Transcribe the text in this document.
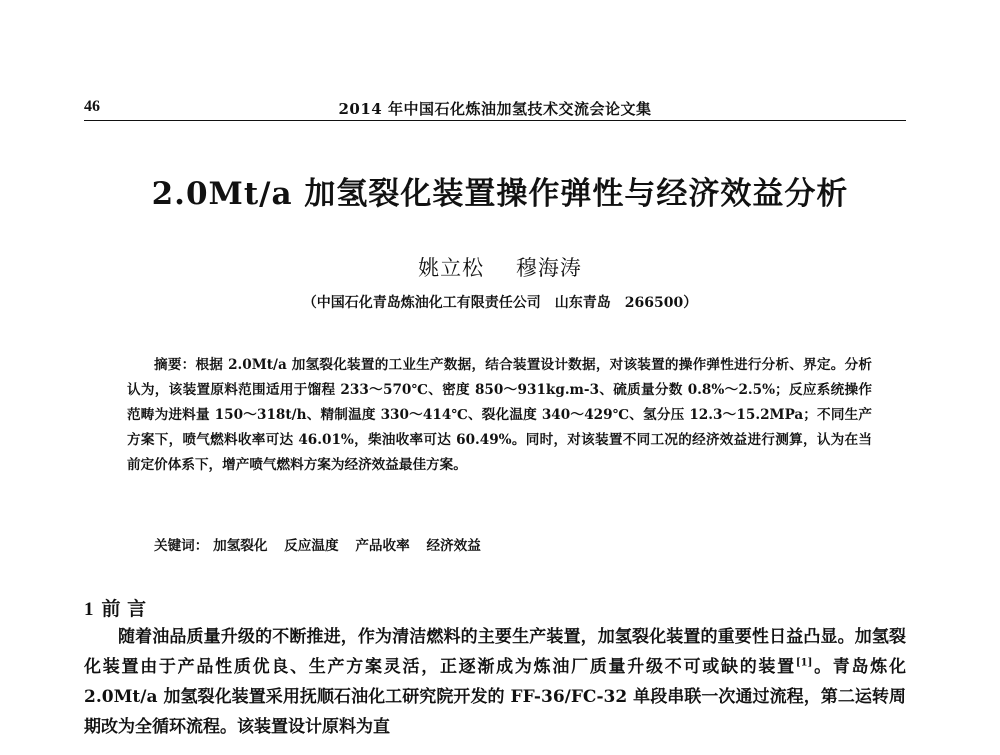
46	2014 年中国石化炼油加氢技术交流会论文集
2.0Mt/a 加氢裂化装置操作弹性与经济效益分析
姚立松 穆海涛
（中国石化青岛炼油化工有限责任公司　山东青岛　266500）

摘要：根据 2.0Mt/a 加氢裂化装置的工业生产数据，结合装置设计数据，对该装置的操作弹性进行分析、界定。分析认为，该装置原料范围适用于馏程 233～570℃、密度 850～931kg.m-3、硫质量分数 0.8%～2.5%；反应系统操作范畴为进料量 150～318t/h、精制温度 330～414℃、裂化温度 340～429℃、氢分压 12.3～15.2MPa；不同生产方案下，喷气燃料收率可达 46.01%，柴油收率可达 60.49%。同时，对该装置不同工况的经济效益进行测算，认为在当前定价体系下，增产喷气燃料方案为经济效益最佳方案。

关键词： 加氢裂化 反应温度 产品收率 经济效益
1 前 言

随着油品质量升级的不断推进，作为清洁燃料的主要生产装置，加氢裂化装置的重要性日益凸显。加氢裂化装置由于产品性质优良、生产方案灵活，正逐渐成为炼油厂质量升级不可或缺的装置[1]。青岛炼化 2.0Mt/a 加氢裂化装置采用抚顺石油化工研究院开发的 FF-36/FC-32 单段串联一次通过流程，第二运转周期改为全循环流程。该装置设计原料为直
